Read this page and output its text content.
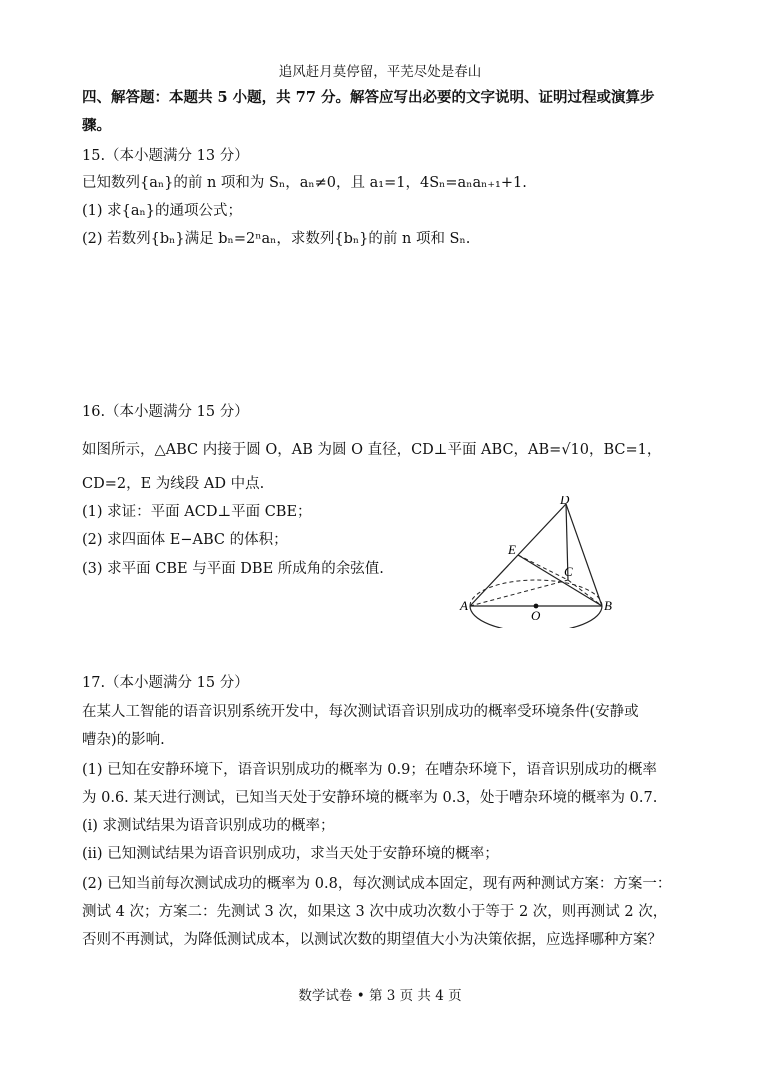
追风赶月莫停留，平芜尽处是春山
四、解答题：本题共 5 小题，共 77 分。解答应写出必要的文字说明、证明过程或演算步
骤。
15.（本小题满分 13 分）
已知数列{aₙ}的前 n 项和为 Sₙ，aₙ≠0，且 a₁=1，4Sₙ=aₙaₙ₊₁+1.
(1) 求{aₙ}的通项公式；
(2) 若数列{bₙ}满足 bₙ=2ⁿaₙ，求数列{bₙ}的前 n 项和 Sₙ.
16.（本小题满分 15 分）
如图所示，△ABC 内接于圆 O，AB 为圆 O 直径，CD⊥平面 ABC，AB=√10，BC=1，
CD=2，E 为线段 AD 中点.
(1) 求证：平面 ACD⊥平面 CBE；
(2) 求四面体 E−ABC 的体积；
(3) 求平面 CBE 与平面 DBE 所成角的余弦值.
D
E
C
A	B
O
17.（本小题满分 15 分）
在某人工智能的语音识别系统开发中，每次测试语音识别成功的概率受环境条件(安静或
嘈杂)的影响.
(1) 已知在安静环境下，语音识别成功的概率为 0.9；在嘈杂环境下，语音识别成功的概率
为 0.6. 某天进行测试，已知当天处于安静环境的概率为 0.3，处于嘈杂环境的概率为 0.7.
(i) 求测试结果为语音识别成功的概率；
(ii) 已知测试结果为语音识别成功，求当天处于安静环境的概率；
(2) 已知当前每次测试成功的概率为 0.8，每次测试成本固定，现有两种测试方案：方案一：
测试 4 次；方案二：先测试 3 次，如果这 3 次中成功次数小于等于 2 次，则再测试 2 次，
否则不再测试，为降低测试成本，以测试次数的期望值大小为决策依据，应选择哪种方案？
数学试卷 • 第 3 页 共 4 页
